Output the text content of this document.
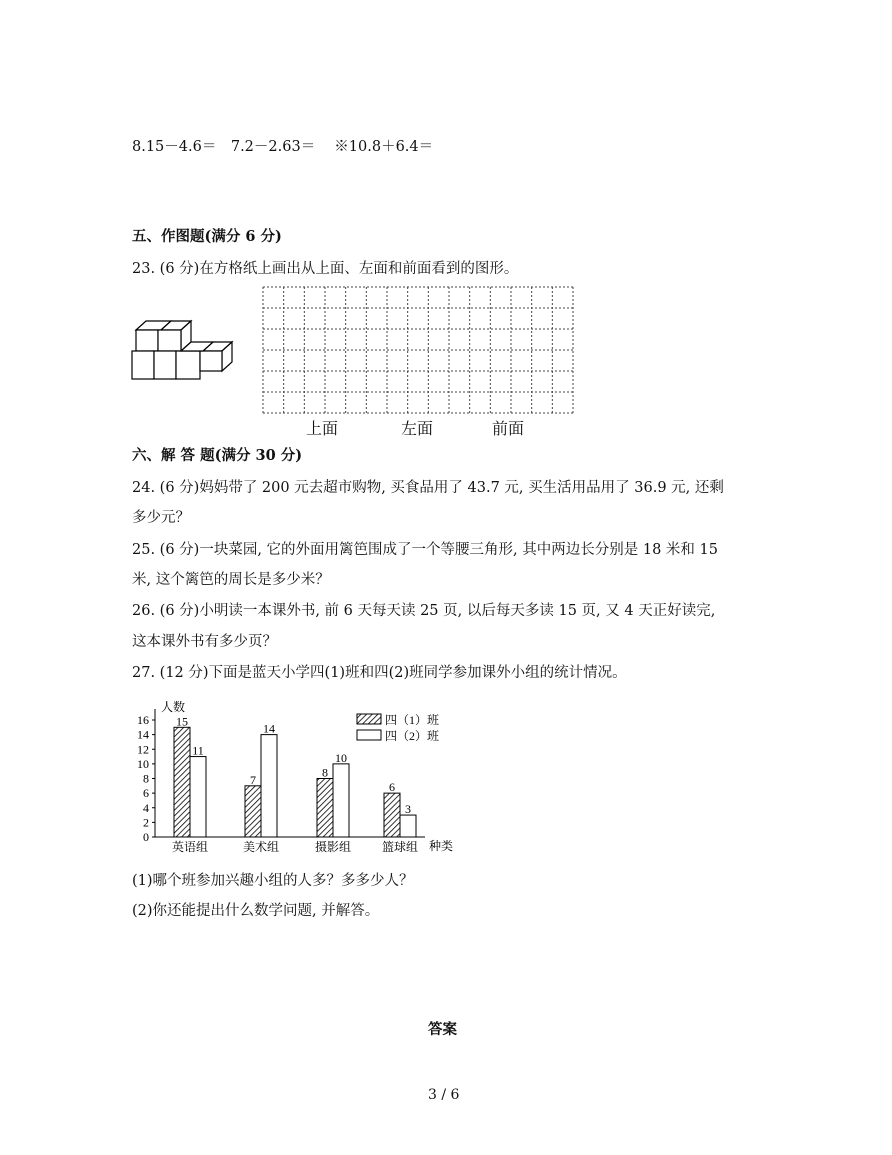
8.15－4.6＝　7.2－2.63＝　 ※10.8＋6.4＝
五、作图题(满分 6 分)
23. (6 分)在方格纸上画出从上面、左面和前面看到的图形。
上面	左面	前面
六、解 答 题(满分 30 分)
24. (6 分)妈妈带了 200 元去超市购物, 买食品用了 43.7 元, 买生活用品用了 36.9 元, 还剩
多少元？
25. (6 分)一块菜园, 它的外面用篱笆围成了一个等腰三角形, 其中两边长分别是 18 米和 15
米, 这个篱笆的周长是多少米？
26. (6 分)小明读一本课外书, 前 6 天每天读 25 页, 以后每天多读 15 页, 又 4 天正好读完,
这本课外书有多少页？
27. (12 分)下面是蓝天小学四(1)班和四(2)班同学参加课外小组的统计情况。
人数
种类
0
2
4
6
8
10
12
14
16 15
11
英语组
7
14
美术组
8
10
摄影组
6
3
篮球组
四（1）班
四（2）班
(1)哪个班参加兴趣小组的人多？多多少人？
(2)你还能提出什么数学问题, 并解答。
答案
3 / 6
